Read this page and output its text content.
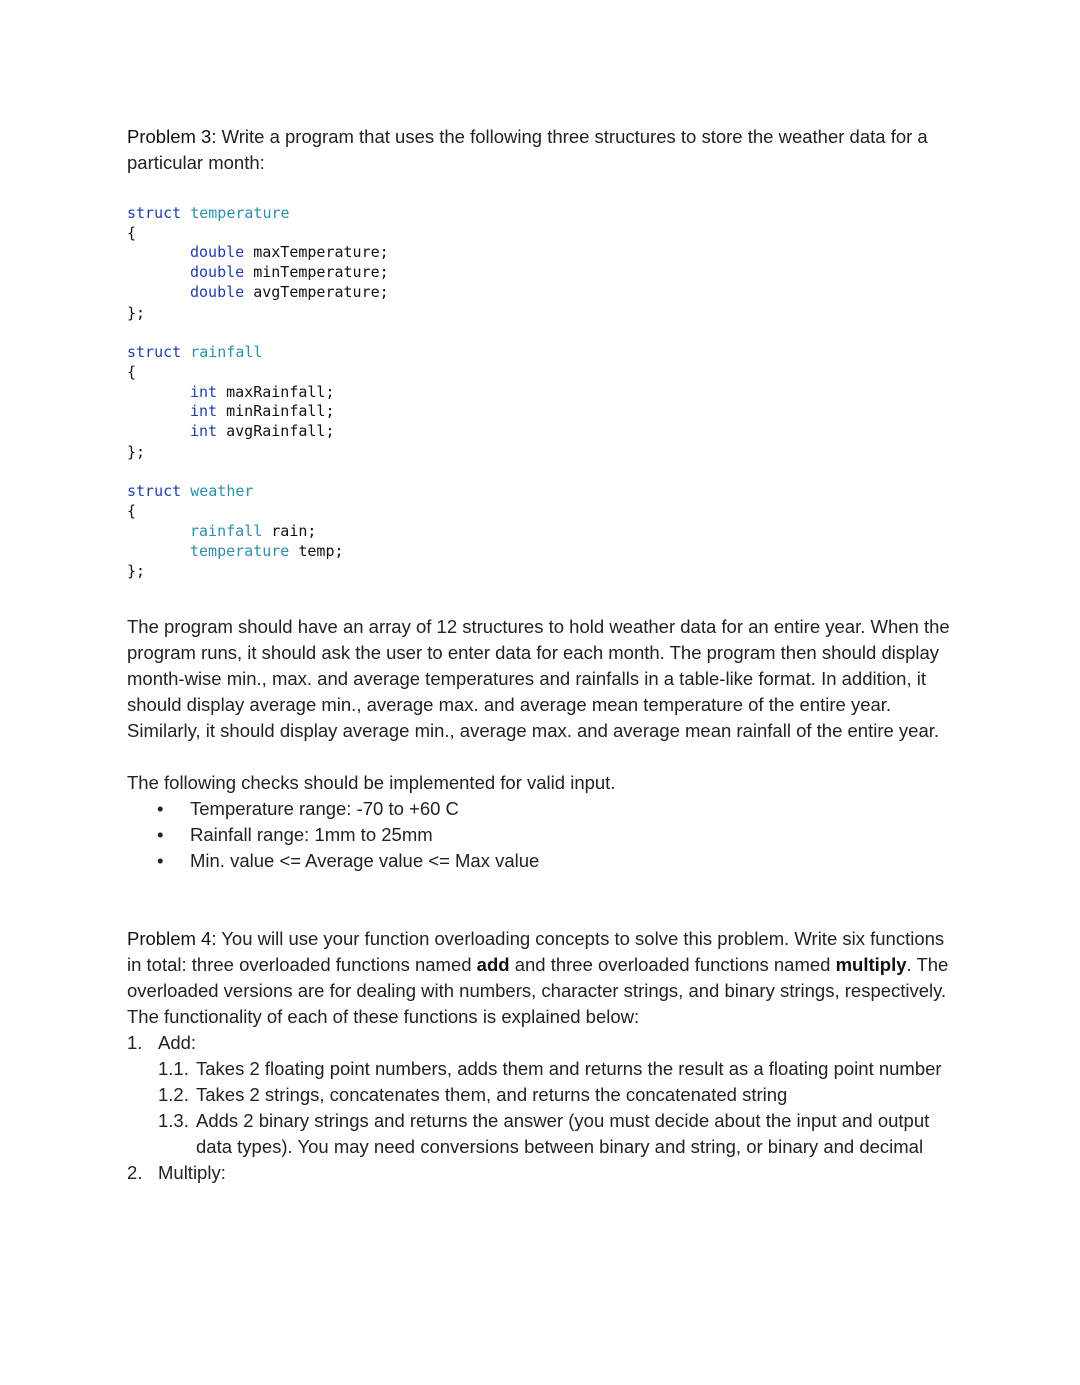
Problem 3: Write a program that uses the following three structures to store the weather data for a particular month:

struct temperature
{
double maxTemperature;
double minTemperature;
double avgTemperature;
};
struct rainfall
{
int maxRainfall;
int minRainfall;
int avgRainfall;
};
struct weather
{
rainfall rain;
temperature temp;
};

The program should have an array of 12 structures to hold weather data for an entire year. When the program runs, it should ask the user to enter data for each month. The program then should display month-wise min., max. and average temperatures and rainfalls in a table-like format. In addition, it should display average min., average max. and average mean temperature of the entire year. Similarly, it should display average min., average max. and average mean rainfall of the entire year.

The following checks should be implemented for valid input.

• Temperature range: -70 to +60 C
• Rainfall range: 1mm to 25mm
• Min. value <= Average value <= Max value

Problem 4: You will use your function overloading concepts to solve this problem. Write six functions in total: three overloaded functions named add and three overloaded functions named multiply. The overloaded versions are for dealing with numbers, character strings, and binary strings, respectively. The functionality of each of these functions is explained below:

1. Add:
1.1. Takes 2 floating point numbers, adds them and returns the result as a floating point number
1.2. Takes 2 strings, concatenates them, and returns the concatenated string
1.3. Adds 2 binary strings and returns the answer (you must decide about the input and output data types). You may need conversions between binary and string, or binary and decimal
2. Multiply:
